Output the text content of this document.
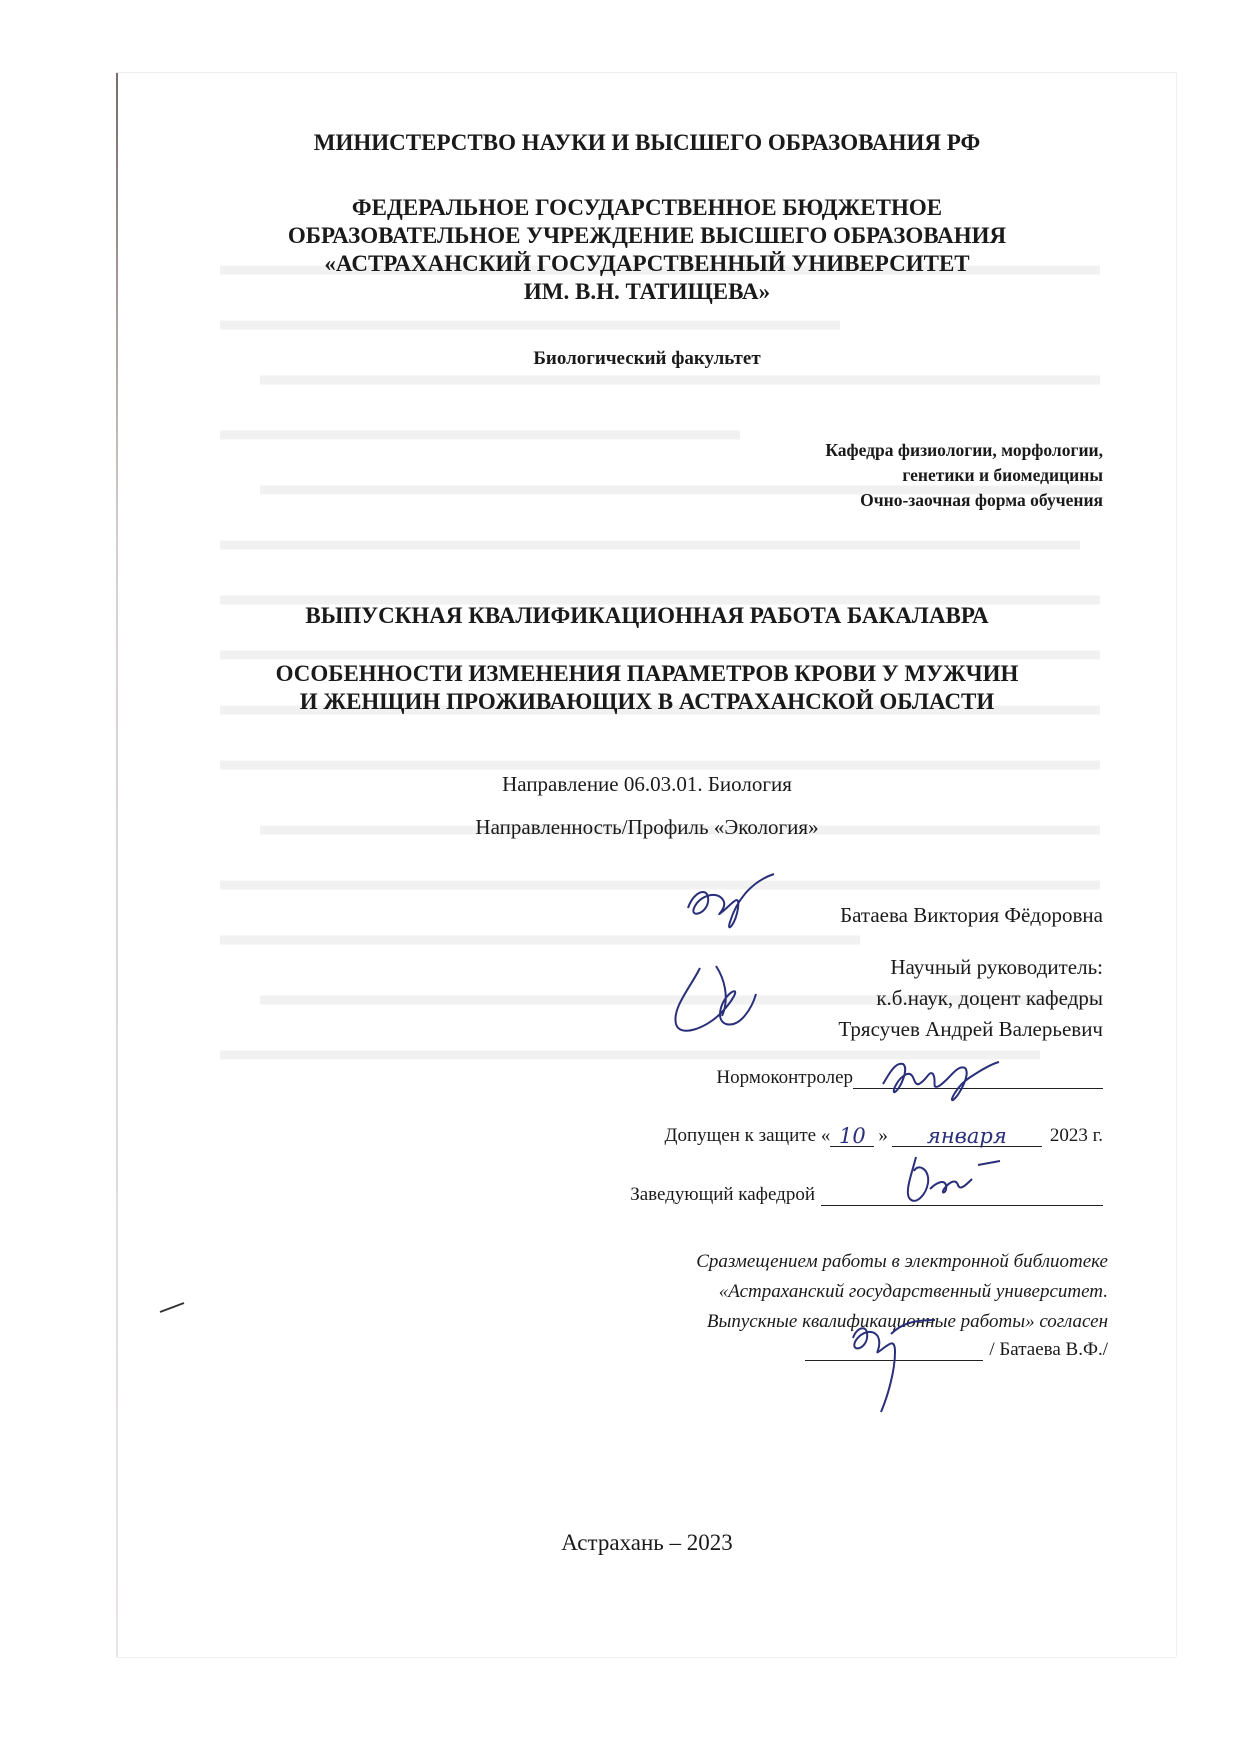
МИНИСТЕРСТВО НАУКИ И ВЫСШЕГО ОБРАЗОВАНИЯ РФ
ФЕДЕРАЛЬНОЕ ГОСУДАРСТВЕННОЕ БЮДЖЕТНОЕ
ОБРАЗОВАТЕЛЬНОЕ УЧРЕЖДЕНИЕ ВЫСШЕГО ОБРАЗОВАНИЯ
«АСТРАХАНСКИЙ ГОСУДАРСТВЕННЫЙ УНИВЕРСИТЕТ
ИМ. В.Н. ТАТИЩЕВА»
Биологический факультет
Кафедра физиологии, морфологии,
генетики и биомедицины
Очно-заочная форма обучения
ВЫПУСКНАЯ КВАЛИФИКАЦИОННАЯ РАБОТА БАКАЛАВРА
ОСОБЕННОСТИ ИЗМЕНЕНИЯ ПАРАМЕТРОВ КРОВИ У МУЖЧИН
И ЖЕНЩИН ПРОЖИВАЮЩИХ В АСТРАХАНСКОЙ ОБЛАСТИ
Направление 06.03.01. Биология
Направленность/Профиль «Экология»
Батаева Виктория Фёдоровна
Научный руководитель:
к.б.наук, доцент кафедры
Трясучев Андрей Валерьевич
Нормоконтролер
Допущен к защите « 10 »	января	2023 г.
Заведующий кафедрой
Сразмещением работы в электронной библиотеке
«Астраханский государственный университет.
Выпускные квалификационные работы» согласен
/ Батаева В.Ф./
Астрахань – 2023
